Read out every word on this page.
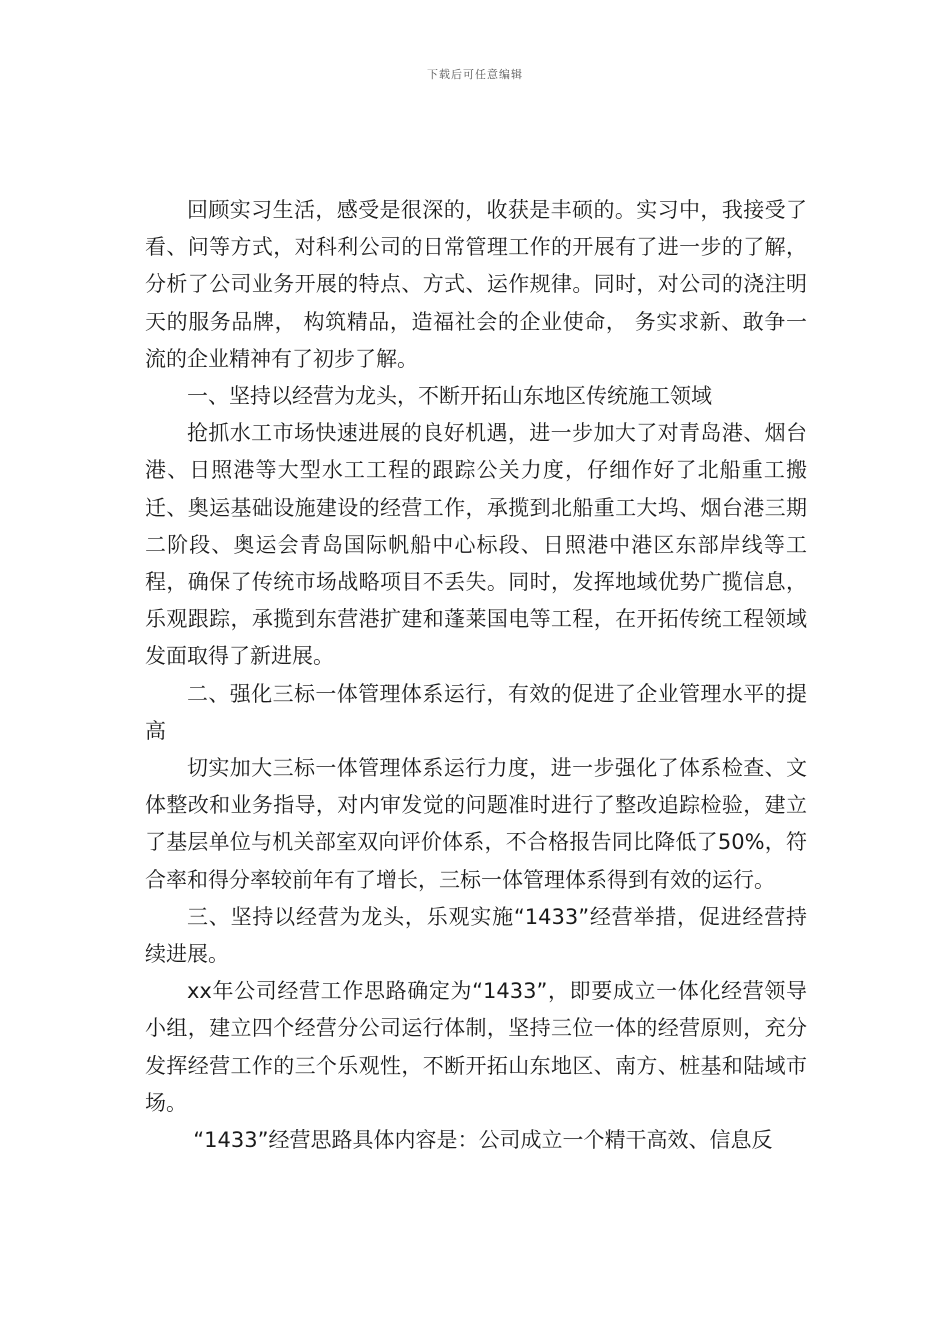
下载后可任意编辑

回顾实习生活，感受是很深的，收获是丰硕的。实习中，我接受了看、问等方式，对科利公司的日常管理工作的开展有了进一步的了解，分析了公司业务开展的特点、方式、运作规律。同时，对公司的浇注明天的服务品牌， 构筑精品，造福社会的企业使命， 务实求新、敢争一流的企业精神有了初步了解。

一、坚持以经营为龙头，不断开拓山东地区传统施工领域

抢抓水工市场快速进展的良好机遇，进一步加大了对青岛港、烟台港、日照港等大型水工工程的跟踪公关力度，仔细作好了北船重工搬迁、奥运基础设施建设的经营工作，承揽到北船重工大坞、烟台港三期二阶段、奥运会青岛国际帆船中心标段、日照港中港区东部岸线等工程，确保了传统市场战略项目不丢失。同时，发挥地域优势广揽信息，乐观跟踪，承揽到东营港扩建和蓬莱国电等工程，在开拓传统工程领域发面取得了新进展。

二、强化三标一体管理体系运行，有效的促进了企业管理水平的提高

切实加大三标一体管理体系运行力度，进一步强化了体系检查、文体整改和业务指导，对内审发觉的问题准时进行了整改追踪检验，建立了基层单位与机关部室双向评价体系，不合格报告同比降低了50%，符合率和得分率较前年有了增长，三标一体管理体系得到有效的运行。

三、坚持以经营为龙头，乐观实施“1433”经营举措，促进经营持续进展。

xx年公司经营工作思路确定为“1433”，即要成立一体化经营领导小组，建立四个经营分公司运行体制，坚持三位一体的经营原则，充分发挥经营工作的三个乐观性，不断开拓山东地区、南方、桩基和陆域市场。

“1433”经营思路具体内容是：公司成立一个精干高效、信息反
